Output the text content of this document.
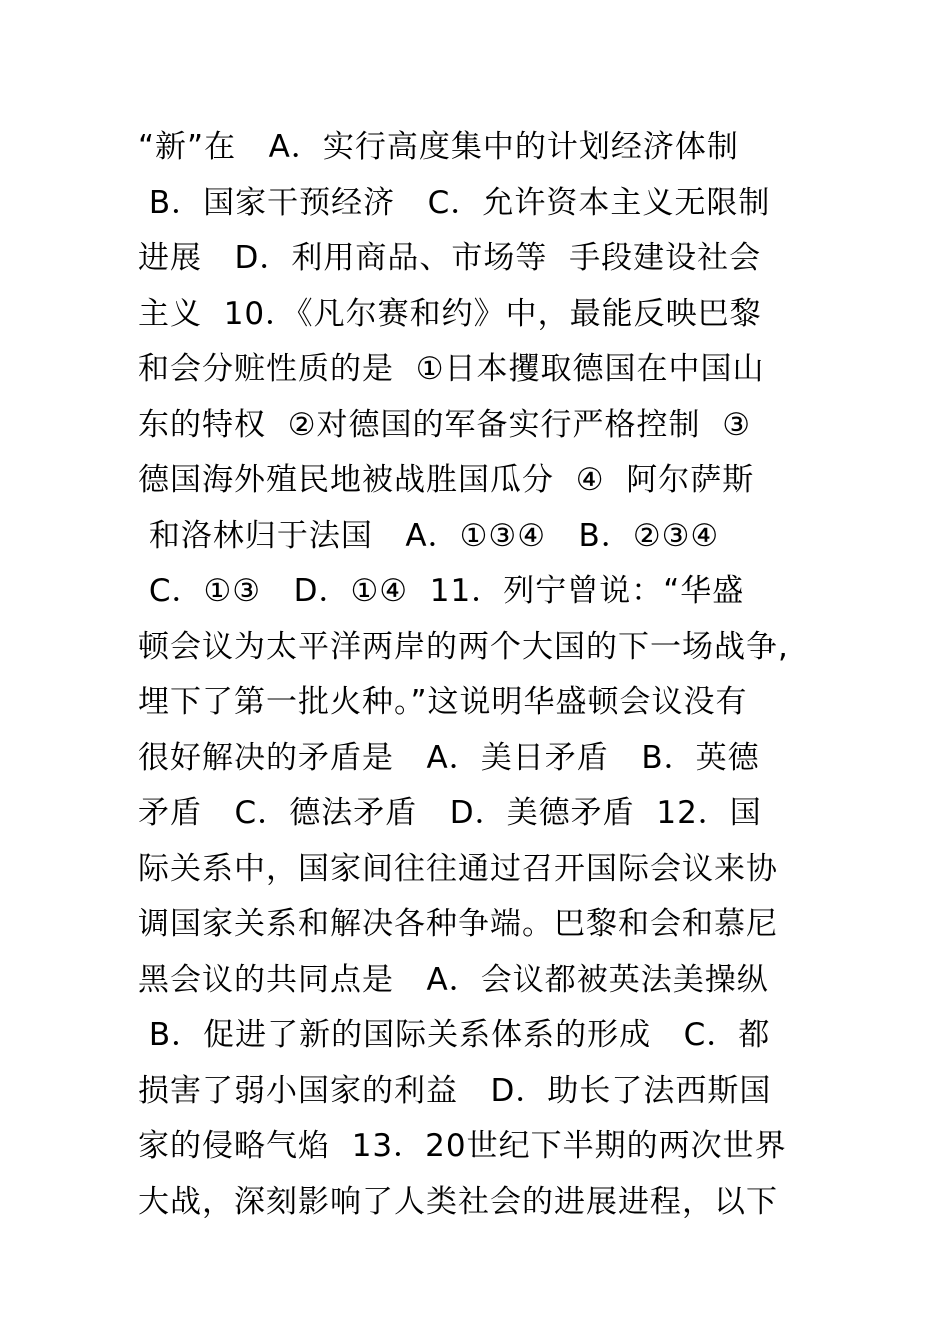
“新”在   A．实行高度集中的计划经济体制
B．国家干预经济   C．允许资本主义无限制
进展   D．利用商品、市场等  手段建设社会
主义  10．《凡尔赛和约》中，最能反映巴黎
和会分赃性质的是  ①日本攫取德国在中国山
东的特权  ②对德国的军备实行严格控制  ③
德国海外殖民地被战胜国瓜分  ④  阿尔萨斯
和洛林归于法国   A．①③④   B．②③④
C．①③   D．①④  11．列宁曾说：“华盛
顿会议为太平洋两岸的两个大国的下一场战争,
埋下了第一批火种。”这说明华盛顿会议没有
很好解决的矛盾是   A．美日矛盾   B．英德
矛盾   C．德法矛盾   D．美德矛盾  12．国
际关系中，国家间往往通过召开国际会议来协
调国家关系和解决各种争端。巴黎和会和慕尼
黑会议的共同点是   A．会议都被英法美操纵
B．促进了新的国际关系体系的形成   C．都
损害了弱小国家的利益   D．助长了法西斯国
家的侵略气焰  13．20世纪下半期的两次世界
大战，深刻影响了人类社会的进展进程，以下
